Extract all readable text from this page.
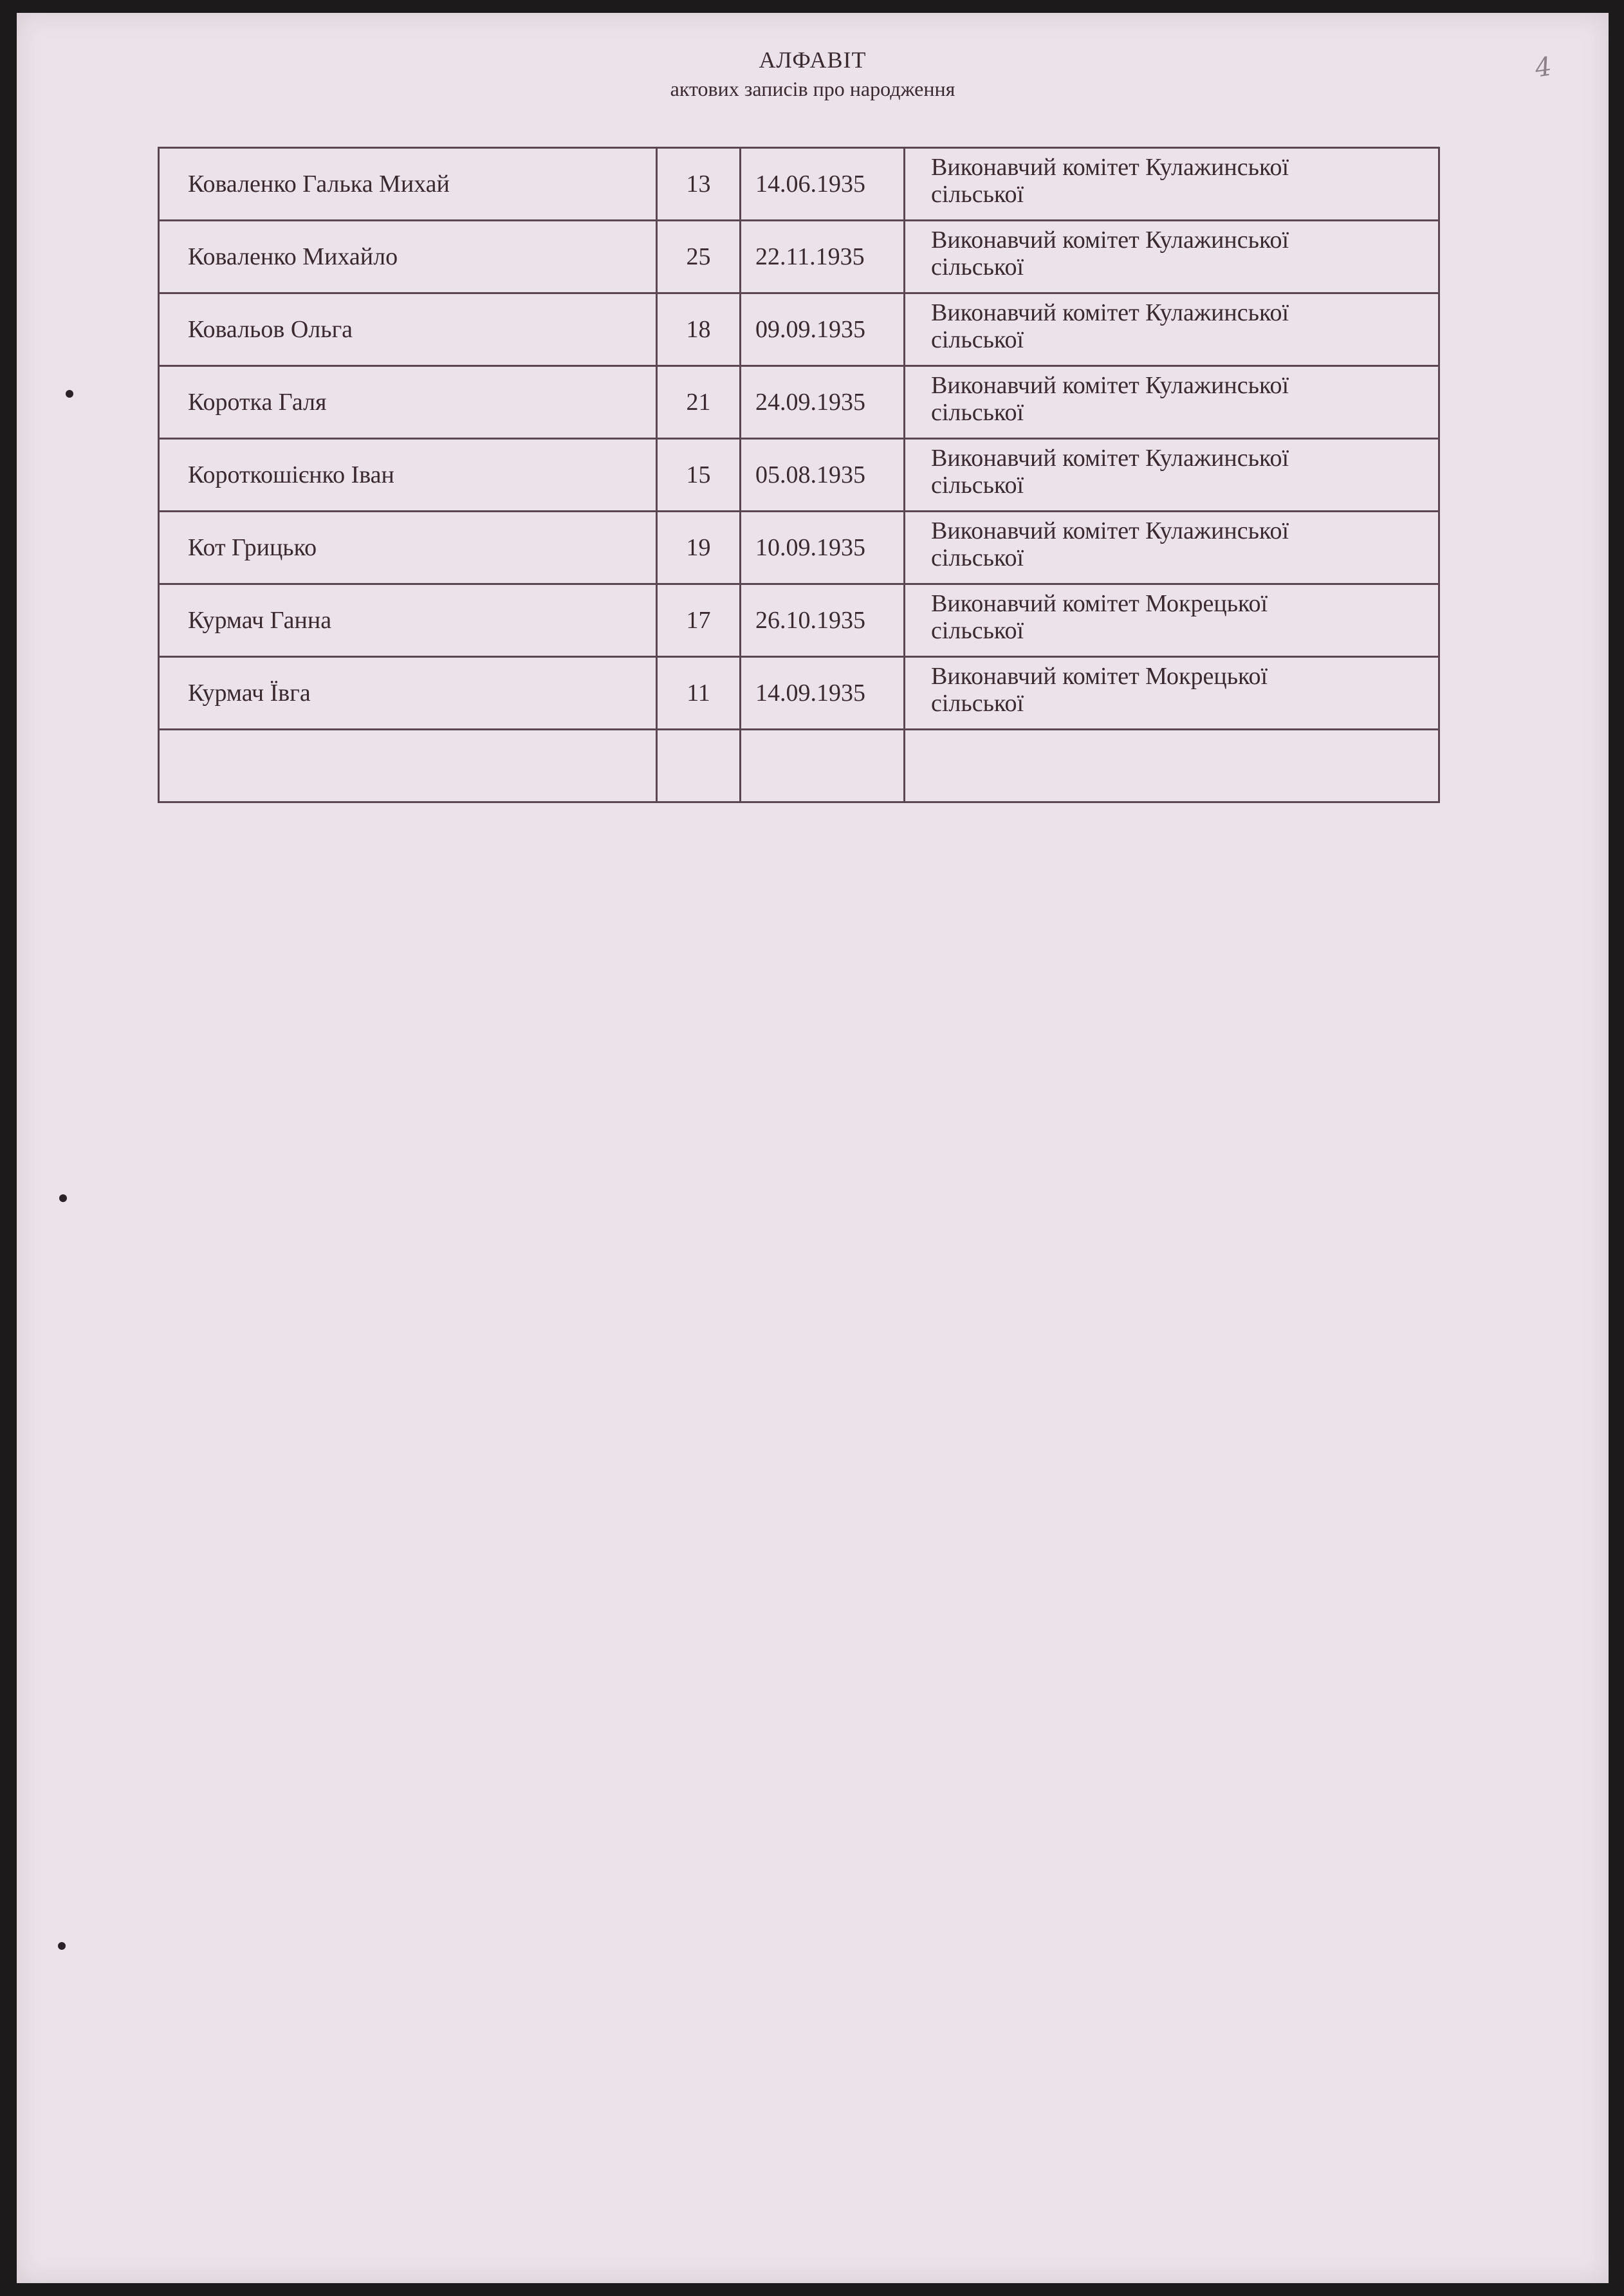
АЛФАВІТ
актових записів про народження
4
Коваленко Галька Михай	13	14.06.1935	Виконавчий комітет Кулажинської
сільської

Коваленко Михайло	25	22.11.1935	Виконавчий комітет Кулажинської
сільської

Ковальов Ольга	18	09.09.1935	Виконавчий комітет Кулажинської
сільської

Коротка Галя	21	24.09.1935	Виконавчий комітет Кулажинської
сільської

Короткошієнко Іван	15	05.08.1935	Виконавчий комітет Кулажинської
сільської

Кот Грицько	19	10.09.1935	Виконавчий комітет Кулажинської
сільської

Курмач Ганна	17	26.10.1935	Виконавчий комітет Мокрецької
сільської

Курмач Ївга	11	14.09.1935	Виконавчий комітет Мокрецької
сільської
